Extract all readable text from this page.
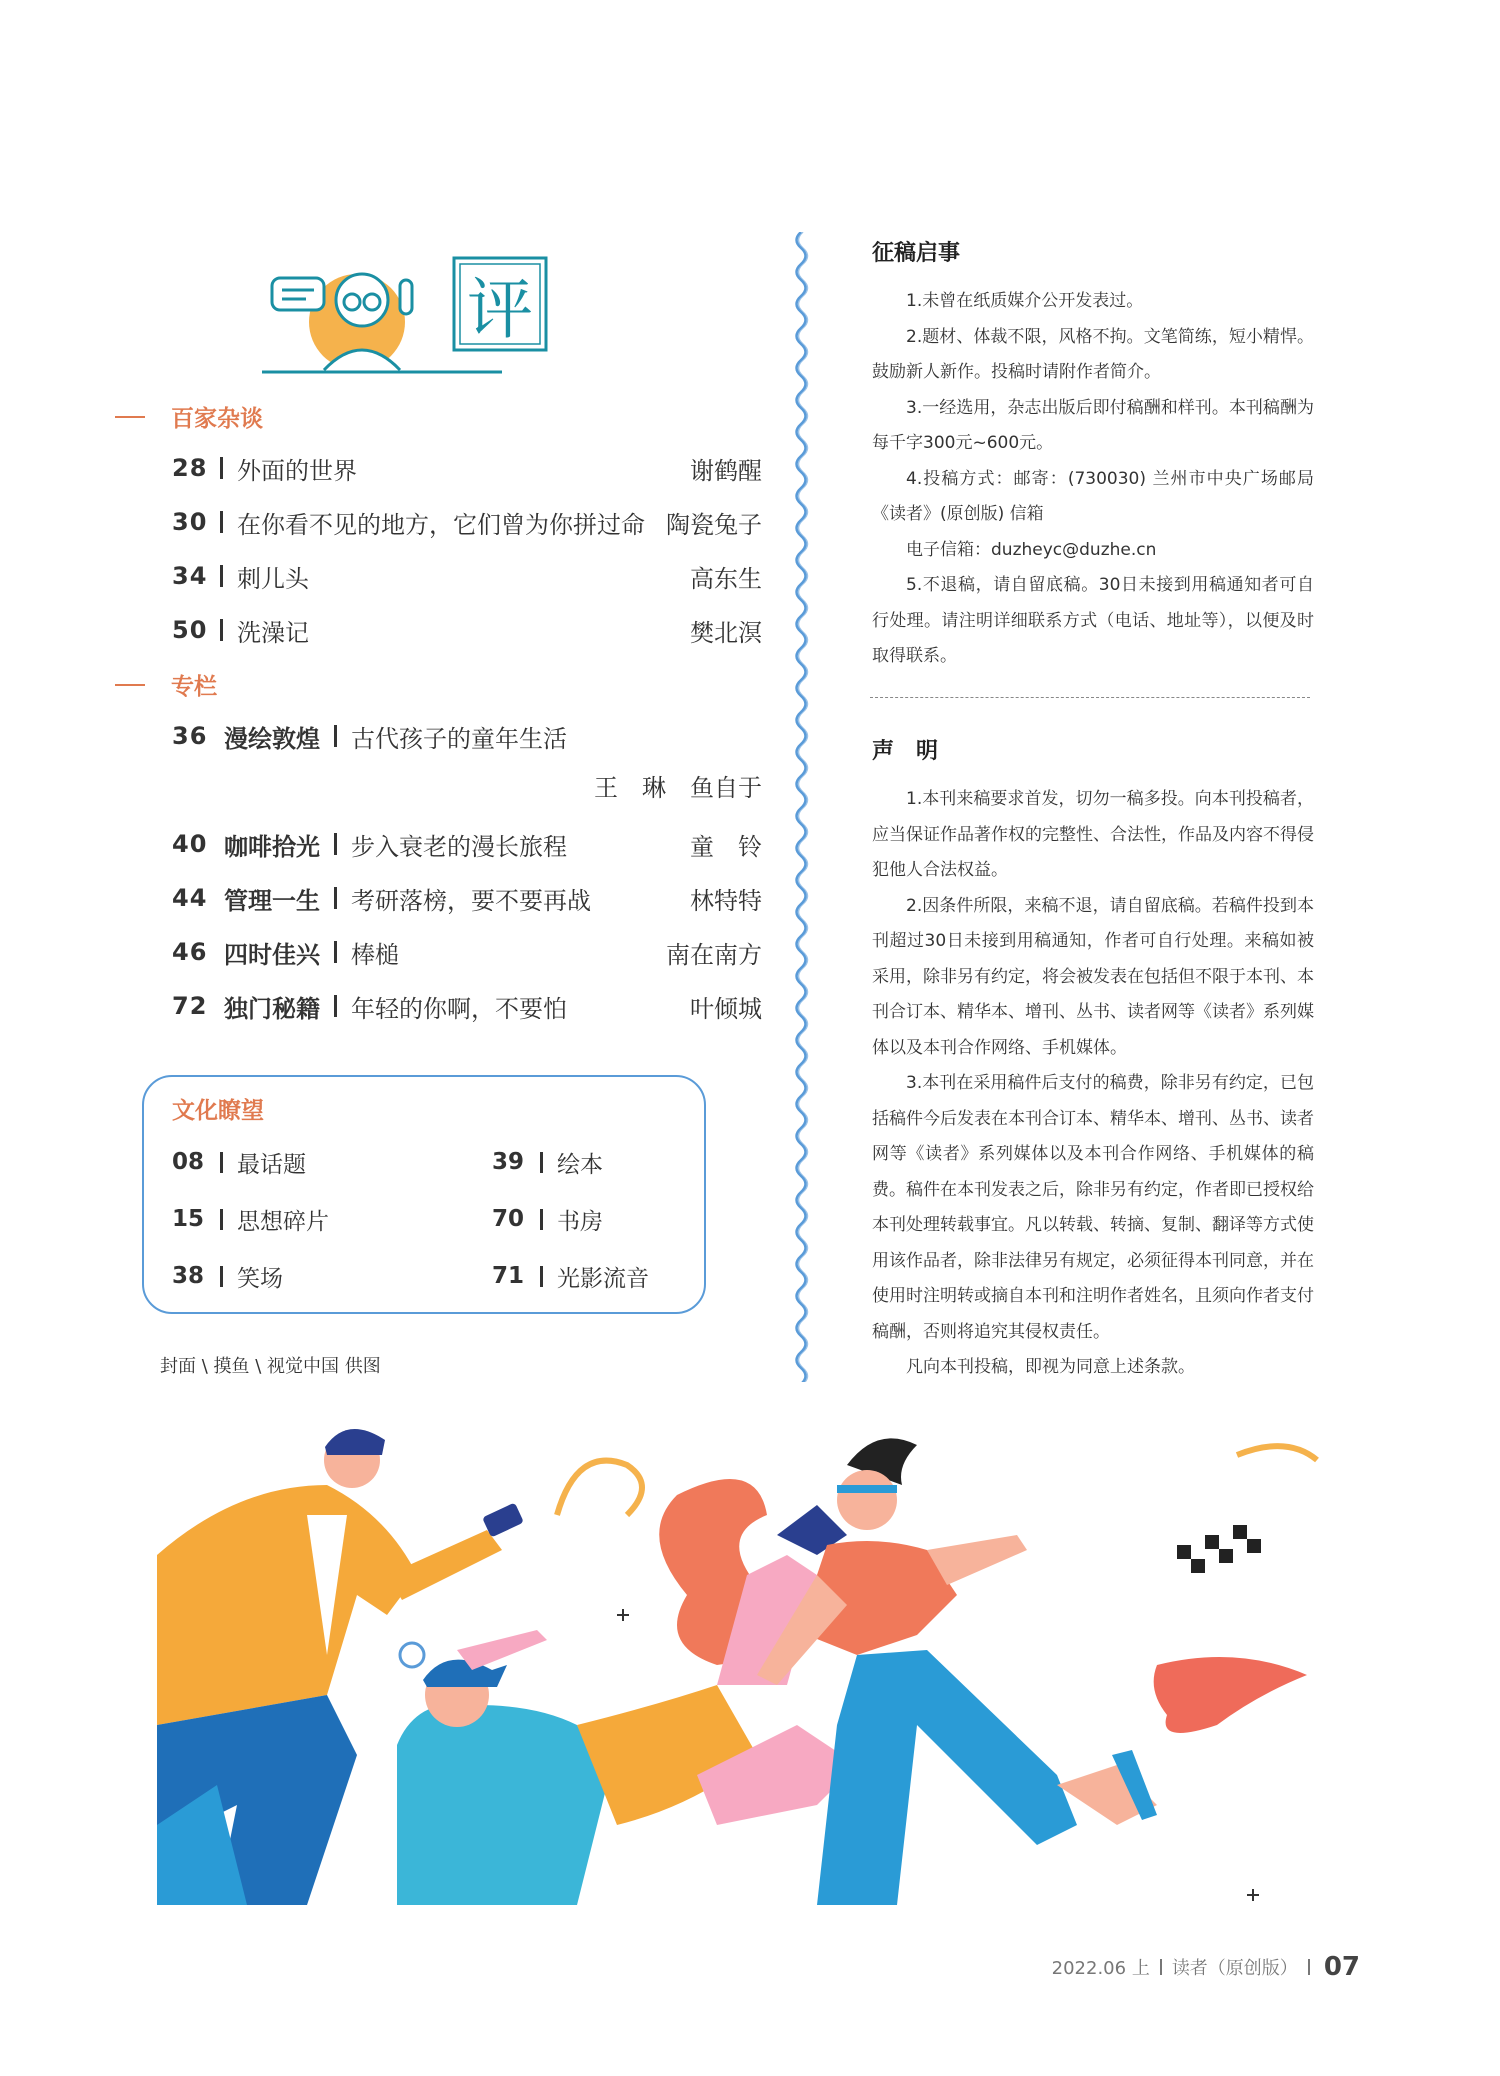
评
百家杂谈
28 外面的世界	谢鹤醒
30 在你看不见的地方，它们曾为你拼过命 陶瓷兔子
34 刺儿头	高东生
50 洗澡记	樊北溟
专栏
36 漫绘敦煌 古代孩子的童年生活
王　琳　鱼自于
40 咖啡拾光 步入衰老的漫长旅程	童　铃
44 管理一生 考研落榜，要不要再战	林特特
46 四时佳兴 棒槌	南在南方
72 独门秘籍 年轻的你啊，不要怕	叶倾城
文化瞭望
08 最话题
15 思想碎片
38 笑场
39 绘本
70 书房
71 光影流音
封面 \ 摸鱼 \ 视觉中国 供图
征稿启事

1.未曾在纸质媒介公开发表过。

2.题材、体裁不限，风格不拘。文笔简练，短小精悍。鼓励新人新作。投稿时请附作者简介。

3.一经选用，杂志出版后即付稿酬和样刊。本刊稿酬为每千字300元~600元。

4.投稿方式：邮寄：(730030) 兰州市中央广场邮局《读者》(原创版) 信箱

电子信箱：duzheyc@duzhe.cn

5.不退稿，请自留底稿。30日未接到用稿通知者可自行处理。请注明详细联系方式（电话、地址等），以便及时取得联系。

声　明

1.本刊来稿要求首发，切勿一稿多投。向本刊投稿者，应当保证作品著作权的完整性、合法性，作品及内容不得侵犯他人合法权益。

2.因条件所限，来稿不退，请自留底稿。若稿件投到本刊超过30日未接到用稿通知，作者可自行处理。来稿如被采用，除非另有约定，将会被发表在包括但不限于本刊、本刊合订本、精华本、增刊、丛书、读者网等《读者》系列媒体以及本刊合作网络、手机媒体。

3.本刊在采用稿件后支付的稿费，除非另有约定，已包括稿件今后发表在本刊合订本、精华本、增刊、丛书、读者网等《读者》系列媒体以及本刊合作网络、手机媒体的稿费。稿件在本刊发表之后，除非另有约定，作者即已授权给本刊处理转载事宜。凡以转载、转摘、复制、翻译等方式使用该作品者，除非法律另有规定，必须征得本刊同意，并在使用时注明转或摘自本刊和注明作者姓名，且须向作者支付稿酬，否则将追究其侵权责任。

凡向本刊投稿，即视为同意上述条款。

2022.06 上 读者（原创版） 07
